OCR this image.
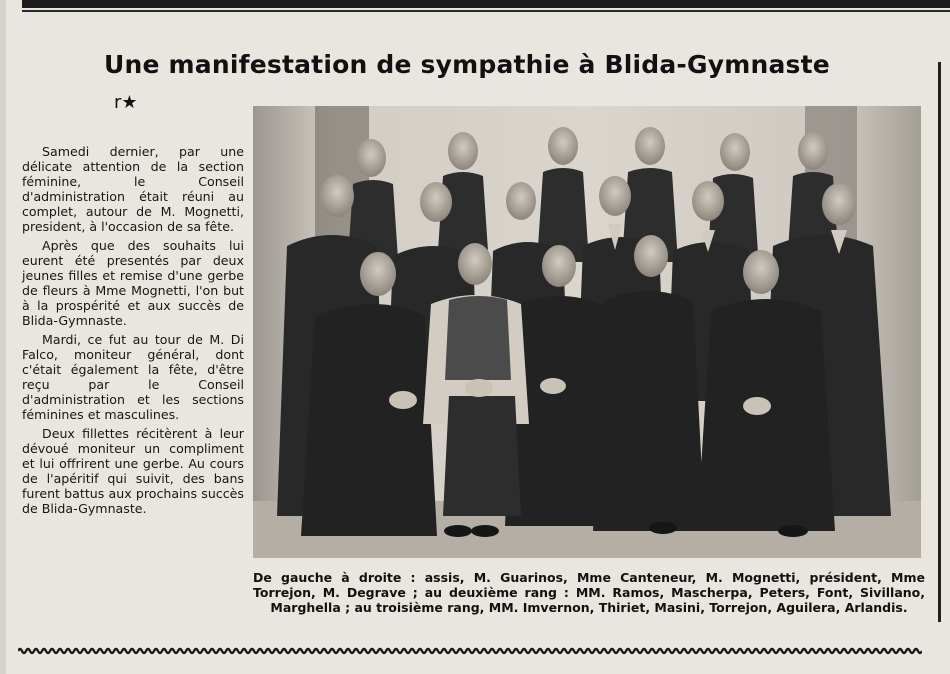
Une manifestation de sympathie à Blida-Gymnaste
r★

Samedi dernier, par une délicate attention de la section féminine, le Conseil d'administration était réuni au complet, autour de M. Mognetti, president, à l'occasion de sa fête.

Après que des souhaits lui eurent été presentés par deux jeunes filles et remise d'une gerbe de fleurs à Mme Mognetti, l'on but à la prospérité et aux succès de Blida-Gymnaste.

Mardi, ce fut au tour de M. Di Falco, moniteur général, dont c'était également la fête, d'être reçu par le Conseil d'administration et les sections féminines et masculines.

Deux fillettes récitèrent à leur dévoué moniteur un compliment et lui offrirent une gerbe. Au cours de l'apéritif qui suivit, des bans furent battus aux prochains succès de Blida-Gymnaste.

De gauche à droite : assis, M. Guarinos, Mme Canteneur, M. Mognetti, président, Mme Torrejon, M. Degrave ; au deuxième rang : MM. Ramos, Mascherpa, Peters, Font, Sivillano, Marghella ; au troisième rang, MM. Imvernon, Thiriet, Masini, Torrejon, Aguilera, Arlandis.
